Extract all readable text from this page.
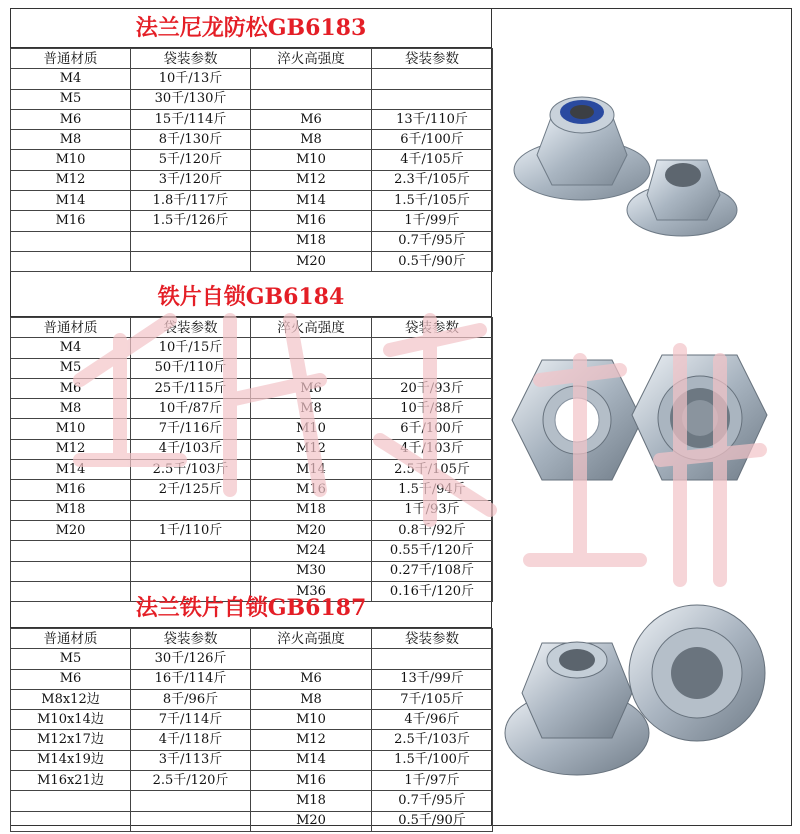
法兰尼龙防松GB6183
普通材质	袋装参数	淬火高强度	袋装参数
M4	10千/13斤		
M5	30千/130斤		
M6	15千/114斤	M6	13千/110斤
M8	8千/130斤	M8	6千/100斤
M10	5千/120斤	M10	4千/105斤
M12	3千/120斤	M12	2.3千/105斤
M14	1.8千/117斤	M14	1.5千/105斤
M16	1.5千/126斤	M16	1千/99斤
		M18	0.7千/95斤
		M20	0.5千/90斤
铁片自锁GB6184
普通材质	袋装参数	淬火高强度	袋装参数
M4	10千/15斤		
M5	50千/110斤		
M6	25千/115斤	M6	20千/93斤
M8	10千/87斤	M8	10千/88斤
M10	7千/116斤	M10	6千/100斤
M12	4千/103斤	M12	4千/103斤
M14	2.5千/103斤	M14	2.5千/105斤
M16	2千/125斤	M16	1.5千/94斤
M18		M18	1千/93斤
M20	1千/110斤	M20	0.8千/92斤
		M24	0.55千/120斤
		M30	0.27千/108斤
		M36	0.16千/120斤
法兰铁片自锁GB6187
普通材质	袋装参数	淬火高强度	袋装参数
M5	30千/126斤		
M6	16千/114斤	M6	13千/99斤
M8x12边	8千/96斤	M8	7千/105斤
M10x14边	7千/114斤	M10	4千/96斤
M12x17边	4千/118斤	M12	2.5千/103斤
M14x19边	3千/113斤	M14	1.5千/100斤
M16x21边	2.5千/120斤	M16	1千/97斤
		M18	0.7千/95斤
		M20	0.5千/90斤
